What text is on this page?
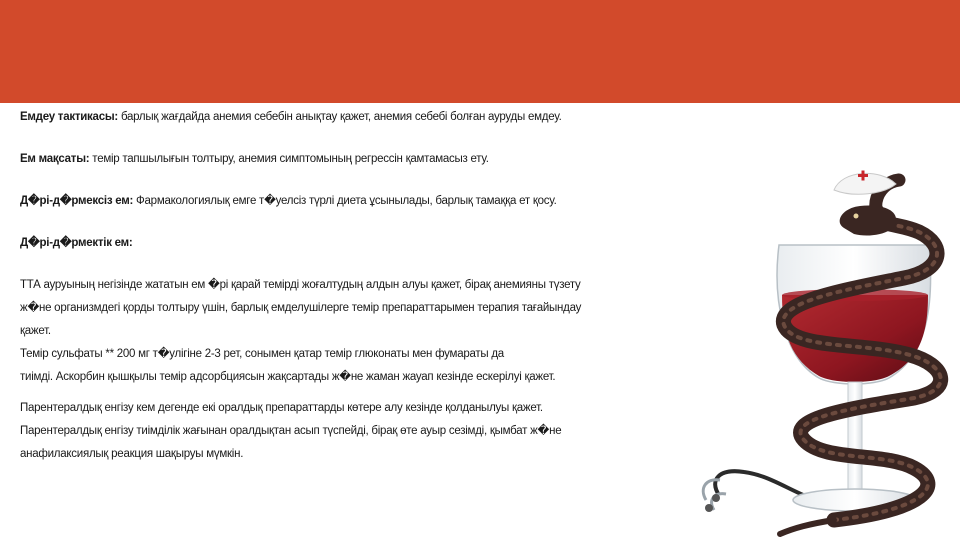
Емдеу тактикасы: барлық жағдайда анемия себебін анықтау қажет, анемия себебі болған ауруды емдеу.

Ем мақсаты: темір тапшылығын толтыру, анемия симптомының регрессін қамтамасыз ету.

Д�рі-д�рмексіз ем: Фармакологиялық емге т�уелсіз түрлі диета ұсынылады, барлық тамаққа ет қосу.

Д�рі-д�рмектік ем:

ТТА ауруының негізінде жататын ем �рі қарай темірді жоғалтудың алдын алуы қажет, бірақ анемияны түзету

ж�не организмдегі қорды толтыру үшін, барлық емделушілерге темір препараттарымен терапия тағайындау

қажет.

Темір сульфаты ** 200 мг т�улігіне 2-3 рет, сонымен қатар темір глюконаты мен фумараты да

тиімді. Аскорбин қышқылы темір адсорбциясын жақсартады ж�не жаман жауап кезінде ескерілуі қажет.

Парентералдық енгізу кем дегенде екі оралдық препараттарды көтере алу кезінде қолданылуы қажет.

Парентералдық енгізу тиімділік жағынан оралдықтан асып түспейді, бірақ өте ауыр сезімді, қымбат ж�не

анафилаксиялық реакция шақыруы мүмкін.
